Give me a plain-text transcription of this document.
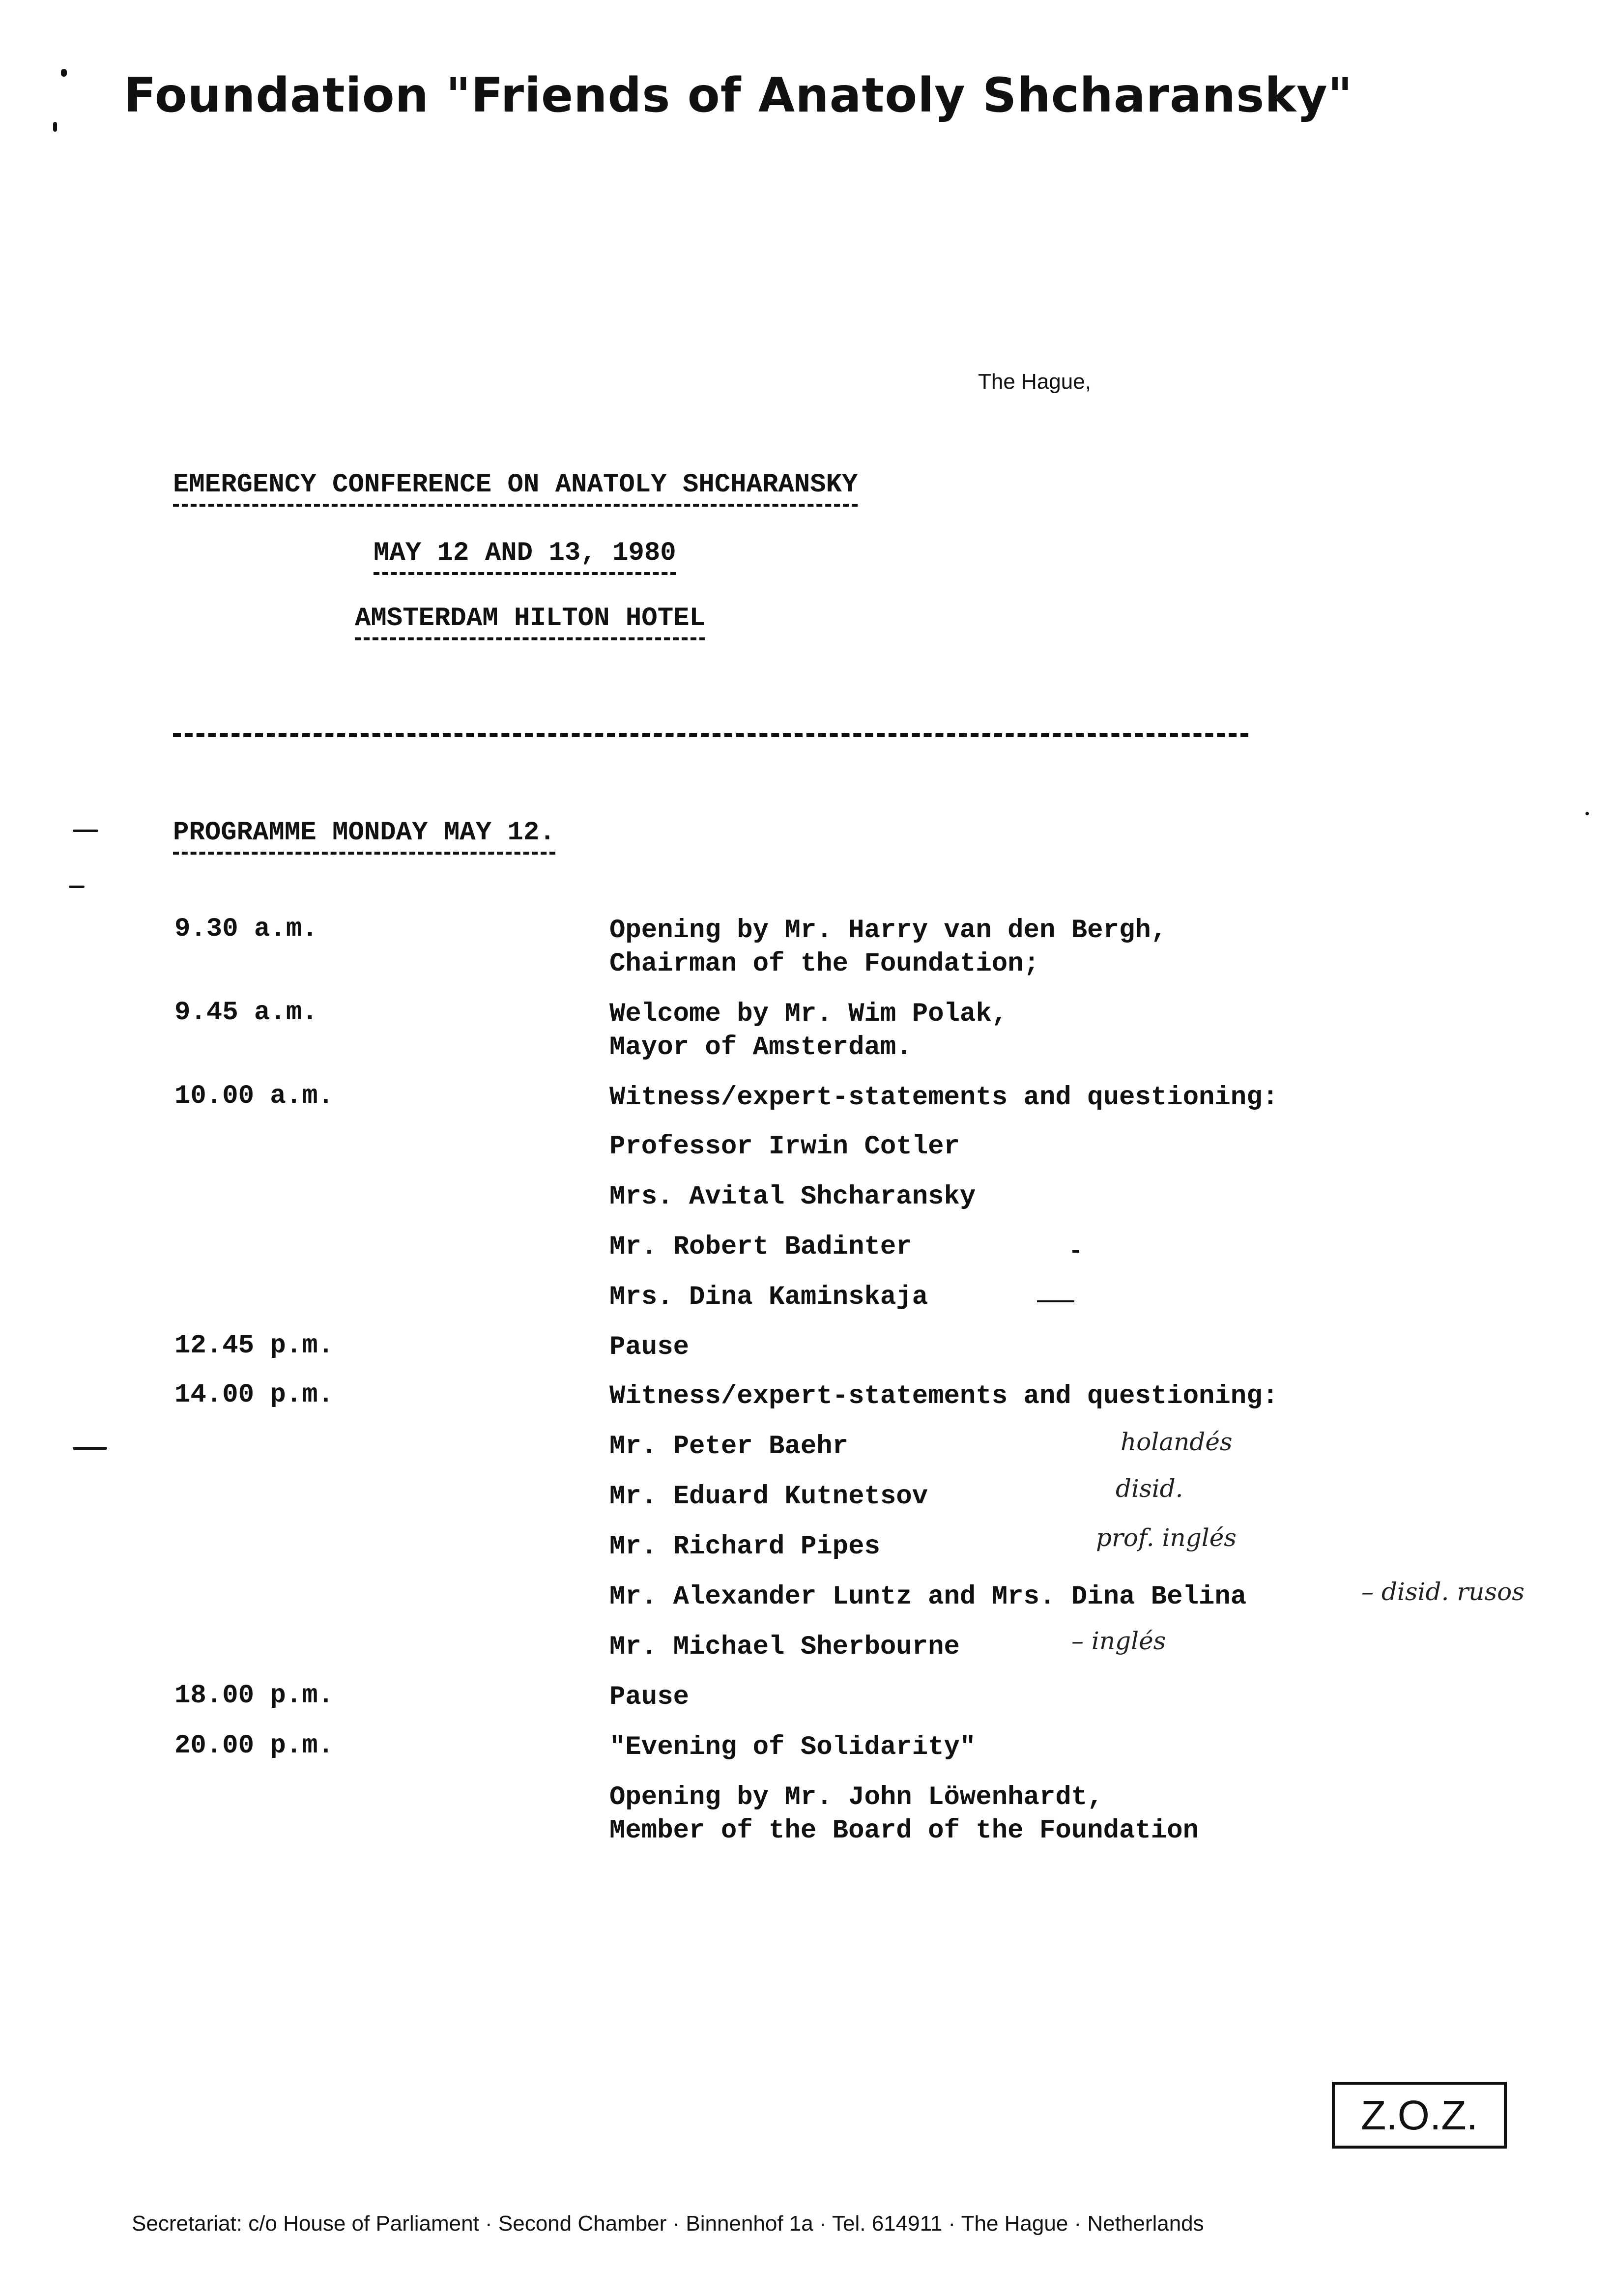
Foundation "Friends of Anatoly Shcharansky"
The Hague,
EMERGENCY CONFERENCE ON ANATOLY SHCHARANSKY
MAY 12 AND 13, 1980
AMSTERDAM HILTON HOTEL
PROGRAMME MONDAY MAY 12.
9.30 a.m.	Opening by Mr. Harry van den Bergh,
Chairman of the Foundation;
9.45 a.m.	Welcome by Mr. Wim Polak,
Mayor of Amsterdam.
10.00 a.m.	Witness/expert-statements and questioning:
Professor Irwin Cotler
Mrs. Avital Shcharansky
Mr. Robert Badinter
Mrs. Dina Kaminskaja
12.45 p.m.	Pause
14.00 p.m.	Witness/expert-statements and questioning:
Mr. Peter Baehr	holandés
Mr. Eduard Kutnetsov	disid.
Mr. Richard Pipes	prof. inglés
Mr. Alexander Luntz and Mrs. Dina Belina	– disid. rusos
Mr. Michael Sherbourne	– inglés
18.00 p.m.	Pause
20.00 p.m.	"Evening of Solidarity"
Opening by Mr. John Löwenhardt,
Member of the Board of the Foundation
Z.O.Z.
Secretariat: c/o House of Parliament · Second Chamber · Binnenhof 1a · Tel. 614911 · The Hague · Netherlands
